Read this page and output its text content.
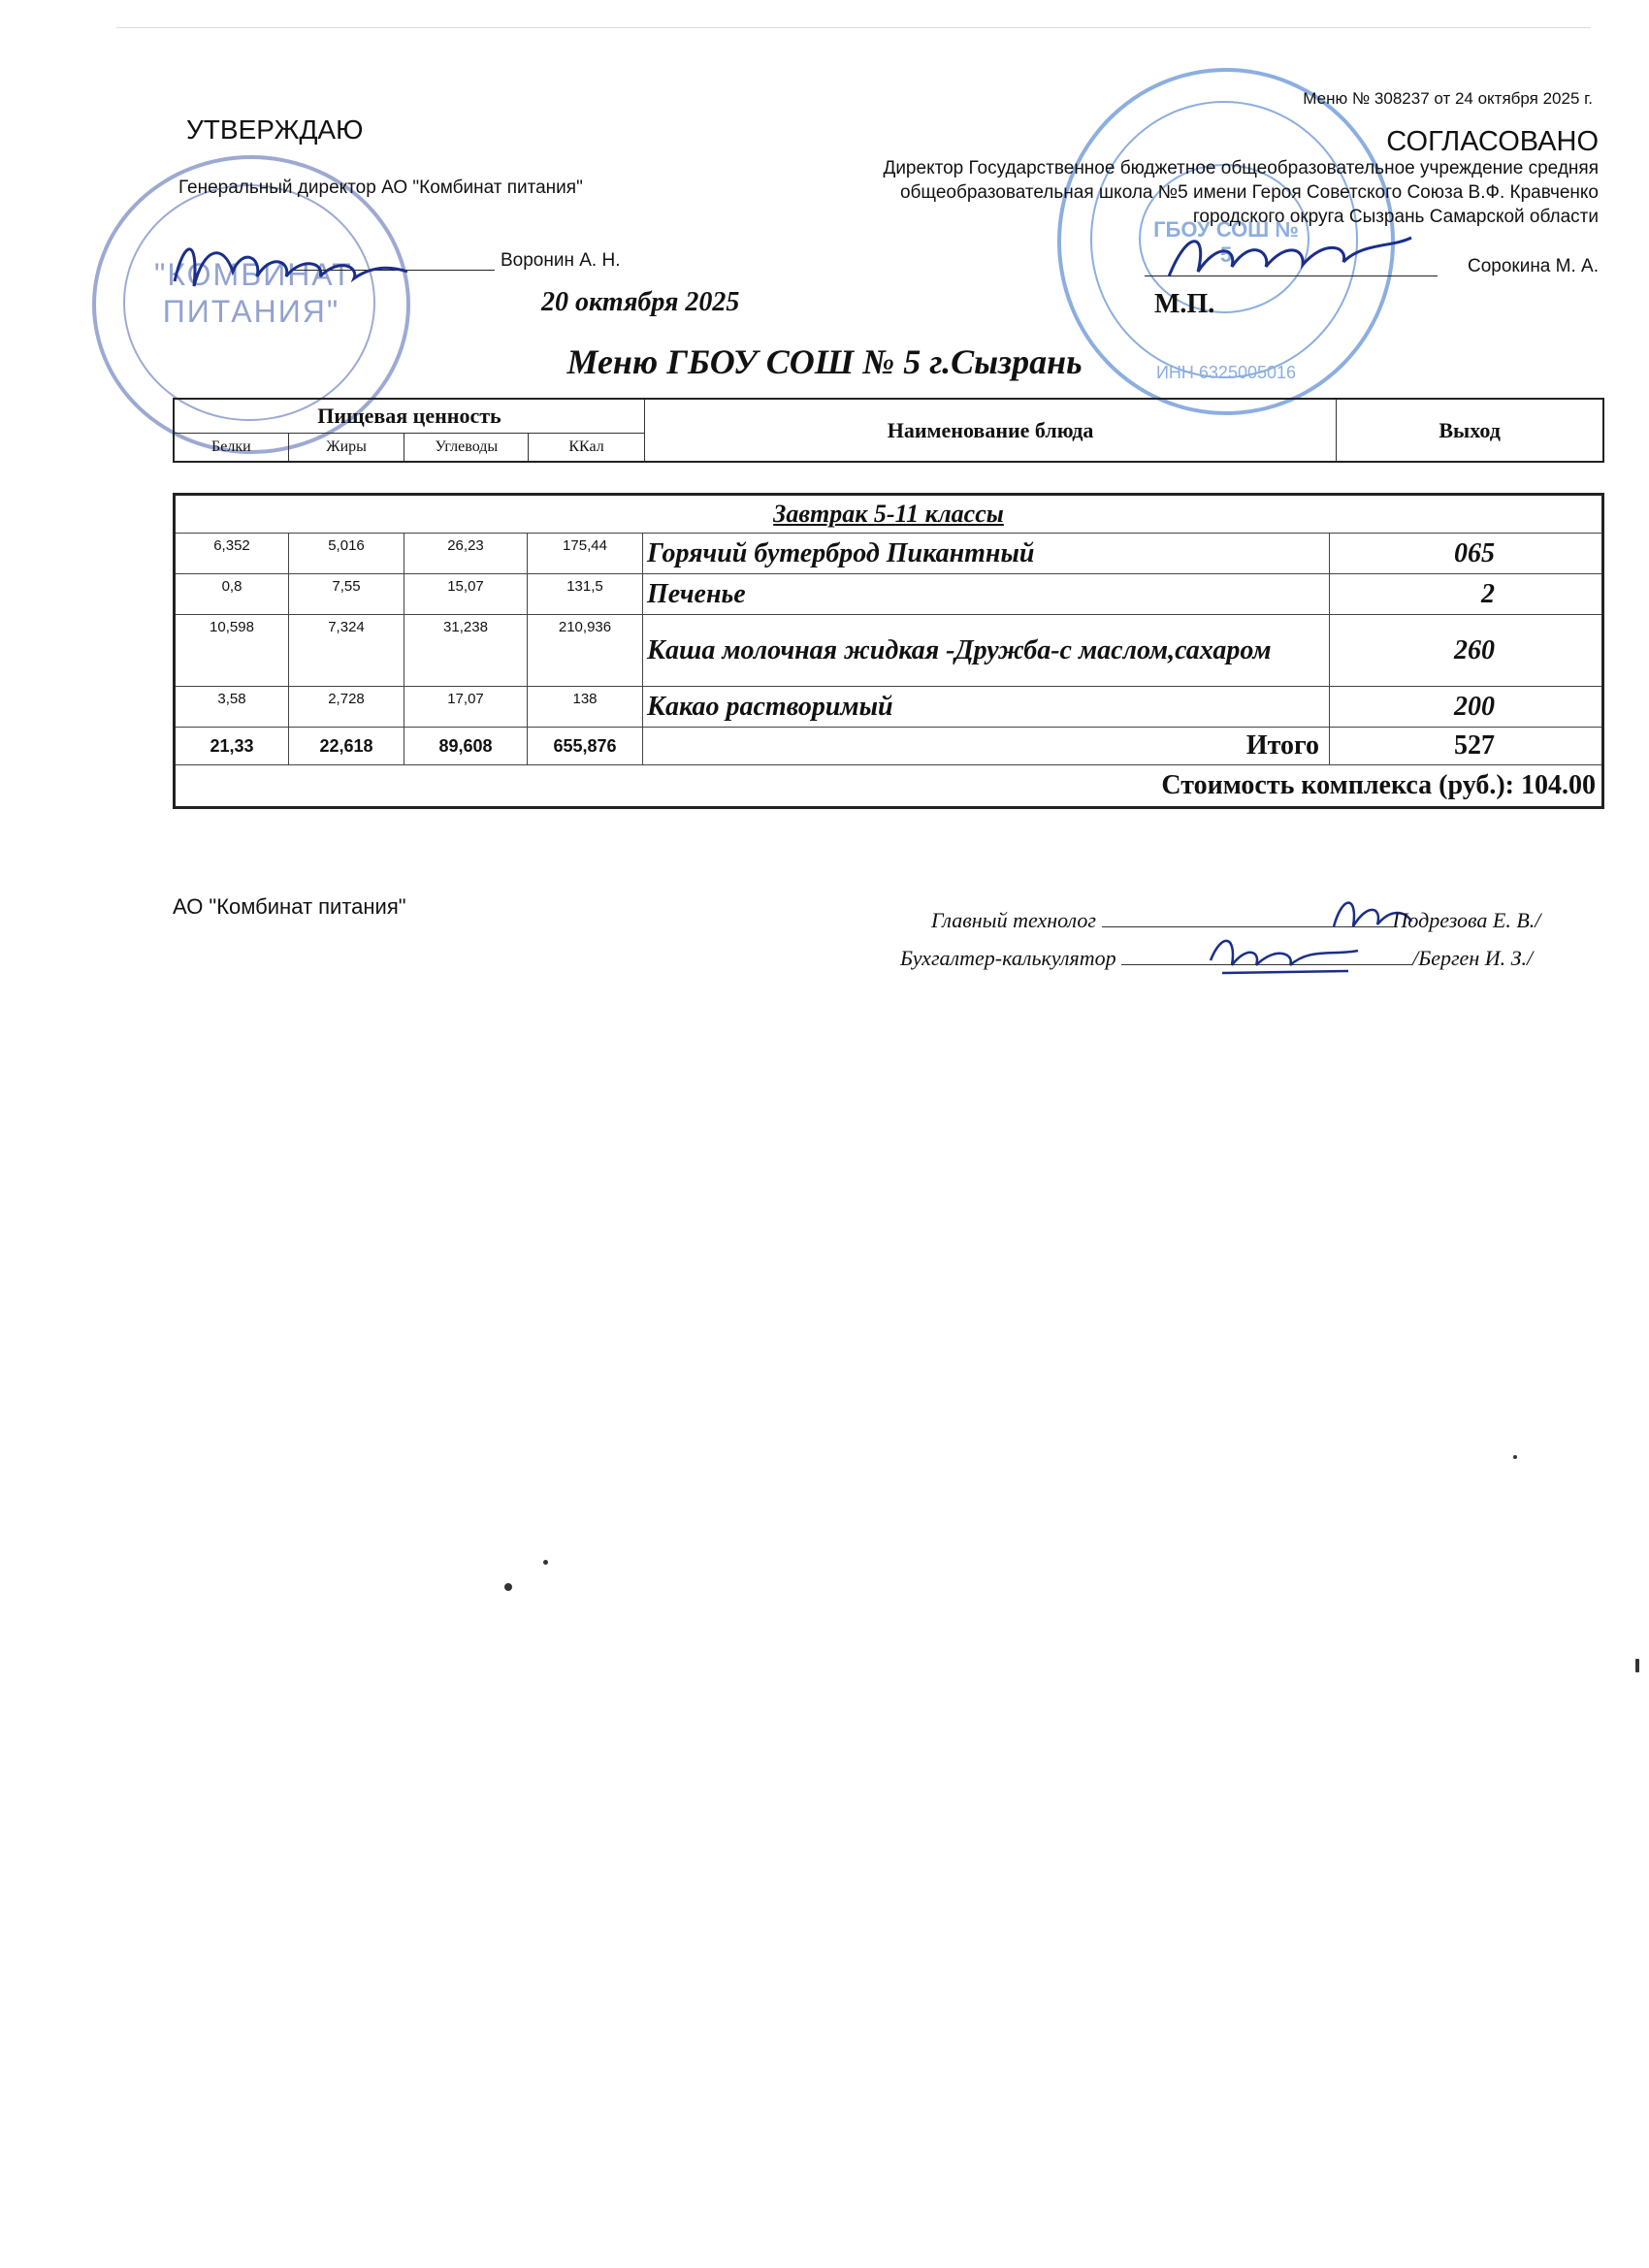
"КОМБИНАТ ПИТАНИЯ"
ГБОУ СОШ № 5
ИНН 6325005016
Меню № 308237 от 24 октября 2025 г.
УТВЕРЖДАЮ
Генеральный директор АО "Комбинат питания"
Воронин А. Н.
20 октября 2025
СОГЛАСОВАНО
Директор Государственное бюджетное общеобразовательное учреждение средняя
общеобразовательная школа №5 имени Героя Советского Союза В.Ф. Кравченко
городского округа Сызрань Самарской области
Сорокина М. А.
М.П.
Меню ГБОУ СОШ № 5 г.Сызрань
Пищевая ценность				Наименование блюда	Выход
Белки	Жиры	Углеводы	ККал		
Завтрак 5-11 классы					
6,352	5,016	26,23	175,44	Горячий бутерброд Пикантный	065
0,8	7,55	15,07	131,5	Печенье	2
10,598	7,324	31,238	210,936	Каша молочная жидкая -Дружба-с маслом,сахаром	260
3,58	2,728	17,07	138	Какао растворимый	200
21,33	22,618	89,608	655,876	Итого	527
Стоимость комплекса (руб.): 104.00					
АО "Комбинат питания"
Главный технолог	Подрезова Е. В./
Бухгалтер-калькулятор	/Берген И. З./
